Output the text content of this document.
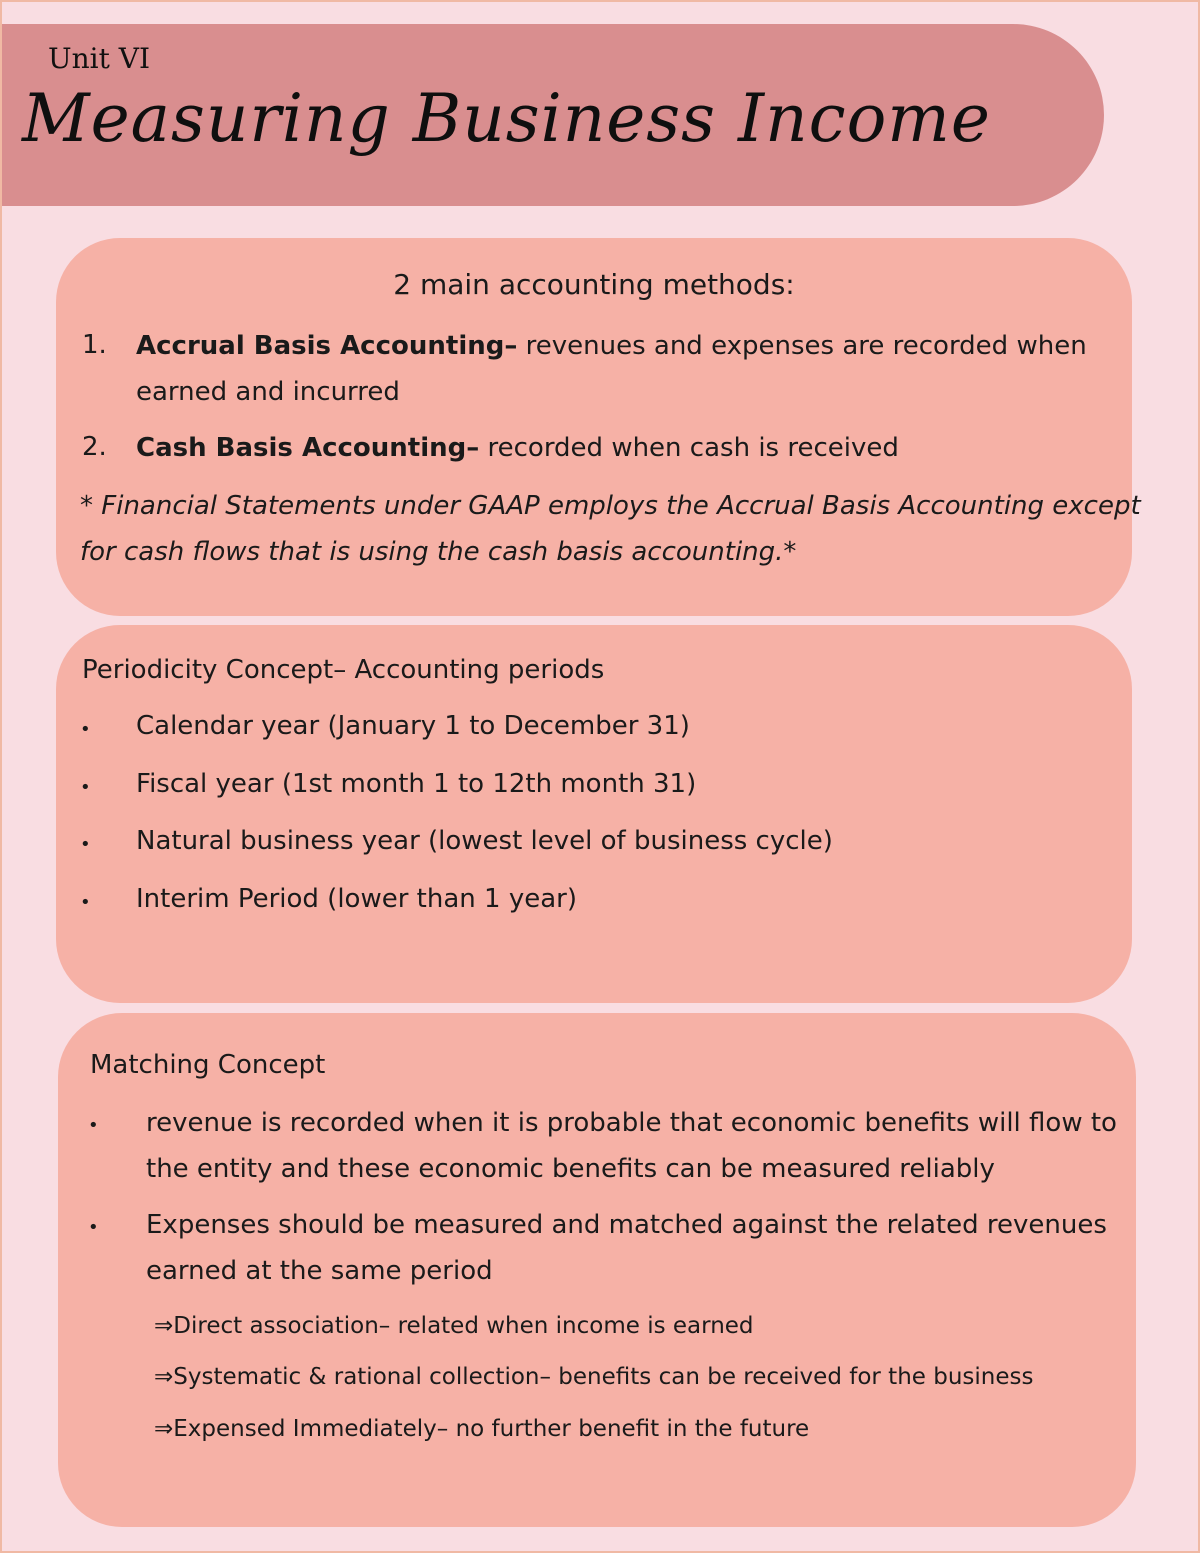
Unit VI
Measuring Business Income
2 main accounting methods:
1. Accrual Basis Accounting– revenues and expenses are recorded when
earned and incurred
2. Cash Basis Accounting– recorded when cash is received
* Financial Statements under GAAP employs the Accrual Basis Accounting except
for cash flows that is using the cash basis accounting.*
Periodicity Concept– Accounting periods
• Calendar year (January 1 to December 31)
• Fiscal year (1st month 1 to 12th month 31)
• Natural business year (lowest level of business cycle)
• Interim Period (lower than 1 year)
Matching Concept
• revenue is recorded when it is probable that economic benefits will flow to
the entity and these economic benefits can be measured reliably
• Expenses should be measured and matched against the related revenues
earned at the same period
⇒Direct association– related when income is earned
⇒Systematic & rational collection– benefits can be received for the business
⇒Expensed Immediately– no further benefit in the future
